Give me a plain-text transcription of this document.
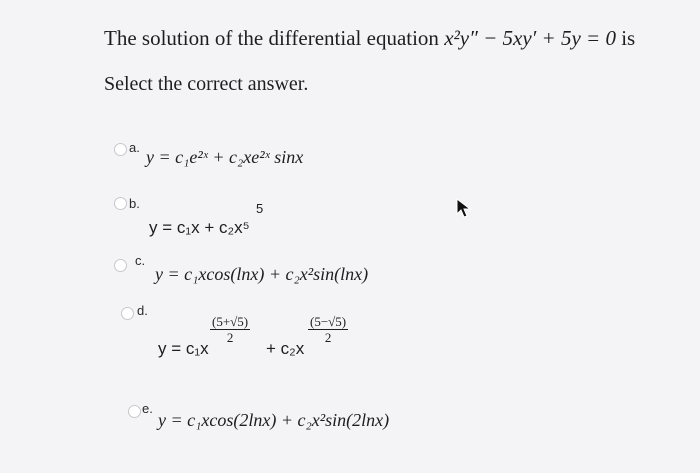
The solution of the differential equation x²y″ − 5xy′ + 5y = 0 is
Select the correct answer.
a. y = c₁e²ˣ + c₂xe²ˣ sinx
b.	5
y = c₁x + c₂x⁵
c.
y = c₁xcos(lnx) + c₂x²sin(lnx)
d.
y = c₁x
$\frac{(5+√5)}{2}$
+ c₂x
$\frac{(5-√5)}{2}$
e.
y = c₁xcos(2lnx) + c₂x²sin(2lnx)
